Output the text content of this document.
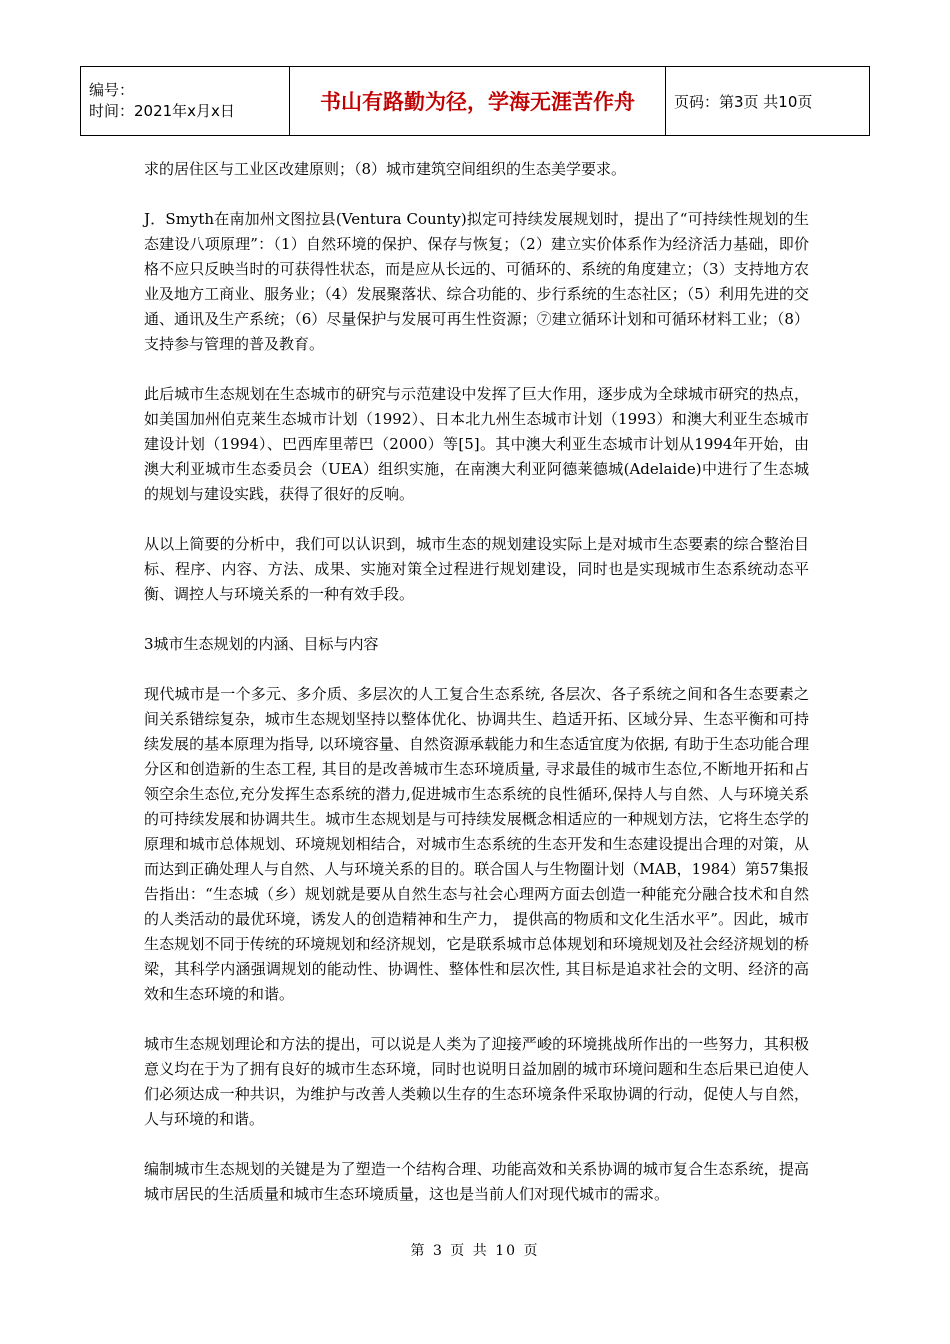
编号：
时间：2021年x月x日	书山有路勤为径，学海无涯苦作舟	页码：第3页 共10页

求的居住区与工业区改建原则；（8）城市建筑空间组织的生态美学要求。

J．Smyth在南加州文图拉县(Ventura County)拟定可持续发展规划时，提出了“可持续性规划的生态建设八项原理”：（1）自然环境的保护、保存与恢复；（2）建立实价体系作为经济活力基础，即价格不应只反映当时的可获得性状态，而是应从长远的、可循环的、系统的角度建立；（3）支持地方农业及地方工商业、服务业；（4）发展聚落状、综合功能的、步行系统的生态社区；（5）利用先进的交通、通讯及生产系统；（6）尽量保护与发展可再生性资源；⑦建立循环计划和可循环材料工业；（8）支持参与管理的普及教育。

此后城市生态规划在生态城市的研究与示范建设中发挥了巨大作用，逐步成为全球城市研究的热点，如美国加州伯克莱生态城市计划（1992）、日本北九州生态城市计划（1993）和澳大利亚生态城市建设计划（1994）、巴西库里蒂巴（2000）等[5]。其中澳大利亚生态城市计划从1994年开始，由澳大利亚城市生态委员会（UEA）组织实施，在南澳大利亚阿德莱德城(Adelaide)中进行了生态城的规划与建设实践，获得了很好的反响。

从以上简要的分析中，我们可以认识到，城市生态的规划建设实际上是对城市生态要素的综合整治目标、程序、内容、方法、成果、实施对策全过程进行规划建设，同时也是实现城市生态系统动态平衡、调控人与环境关系的一种有效手段。

3城市生态规划的内涵、目标与内容

现代城市是一个多元、多介质、多层次的人工复合生态系统, 各层次、各子系统之间和各生态要素之间关系错综复杂，城市生态规划坚持以整体优化、协调共生、趋适开拓、区域分异、生态平衡和可持续发展的基本原理为指导, 以环境容量、自然资源承载能力和生态适宜度为依据, 有助于生态功能合理分区和创造新的生态工程, 其目的是改善城市生态环境质量, 寻求最佳的城市生态位,不断地开拓和占领空余生态位,充分发挥生态系统的潜力,促进城市生态系统的良性循环,保持人与自然、人与环境关系的可持续发展和协调共生。城市生态规划是与可持续发展概念相适应的一种规划方法，它将生态学的原理和城市总体规划、环境规划相结合，对城市生态系统的生态开发和生态建设提出合理的对策，从而达到正确处理人与自然、人与环境关系的目的。联合国人与生物圈计划（MAB，1984）第57集报告指出：“生态城（乡）规划就是要从自然生态与社会心理两方面去创造一种能充分融合技术和自然的人类活动的最优环境，诱发人的创造精神和生产力， 提供高的物质和文化生活水平”。因此，城市生态规划不同于传统的环境规划和经济规划，它是联系城市总体规划和环境规划及社会经济规划的桥梁，其科学内涵强调规划的能动性、协调性、整体性和层次性, 其目标是追求社会的文明、经济的高效和生态环境的和谐。

城市生态规划理论和方法的提出，可以说是人类为了迎接严峻的环境挑战所作出的一些努力，其积极意义均在于为了拥有良好的城市生态环境，同时也说明日益加剧的城市环境问题和生态后果已迫使人们必须达成一种共识，为维护与改善人类赖以生存的生态环境条件采取协调的行动，促使人与自然，人与环境的和谐。

编制城市生态规划的关键是为了塑造一个结构合理、功能高效和关系协调的城市复合生态系统，提高城市居民的生活质量和城市生态环境质量，这也是当前人们对现代城市的需求。

第 3 页 共 10 页
